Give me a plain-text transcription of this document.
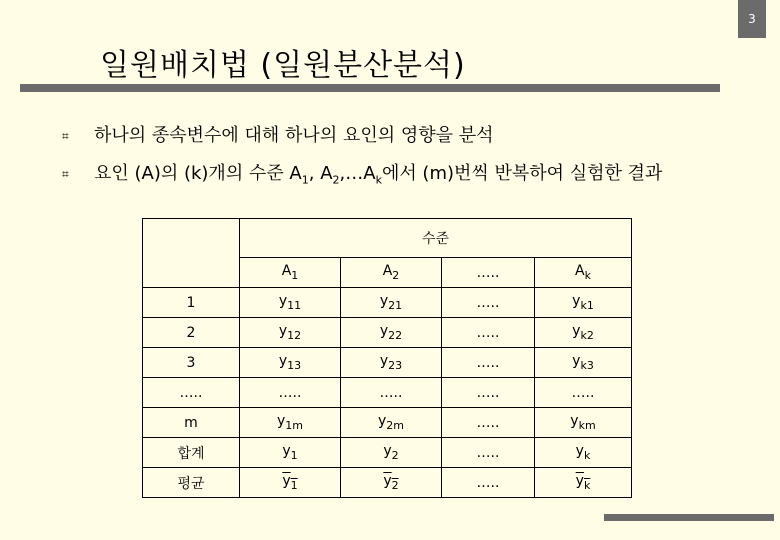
3
일원배치법 (일원분산분석)
⌗ 하나의 종속변수에 대해 하나의 요인의 영향을 분석
⌗ 요인 (A)의 (k)개의 수준 $A_1$, $A_2,\dots A_k$에서 (m)번씩 반복하여 실험한 결과
	수준			
	$A_1$	$A_2$	…..	$A_k$
1	$y_{11}$	$y_{21}$	…..	$y_{k1}$
2	$y_{12}$	$y_{22}$	…..	$y_{k2}$
3	$y_{13}$	$y_{23}$	…..	$y_{k3}$
…..	…..	…..	…..	…..
m	$y_{1m}$	$y_{2m}$	…..	$y_{km}$
합계	$y_1$	$y_2$	…..	$y_k$
평균	$y_1$	$y_2$	…..	$y_k$
